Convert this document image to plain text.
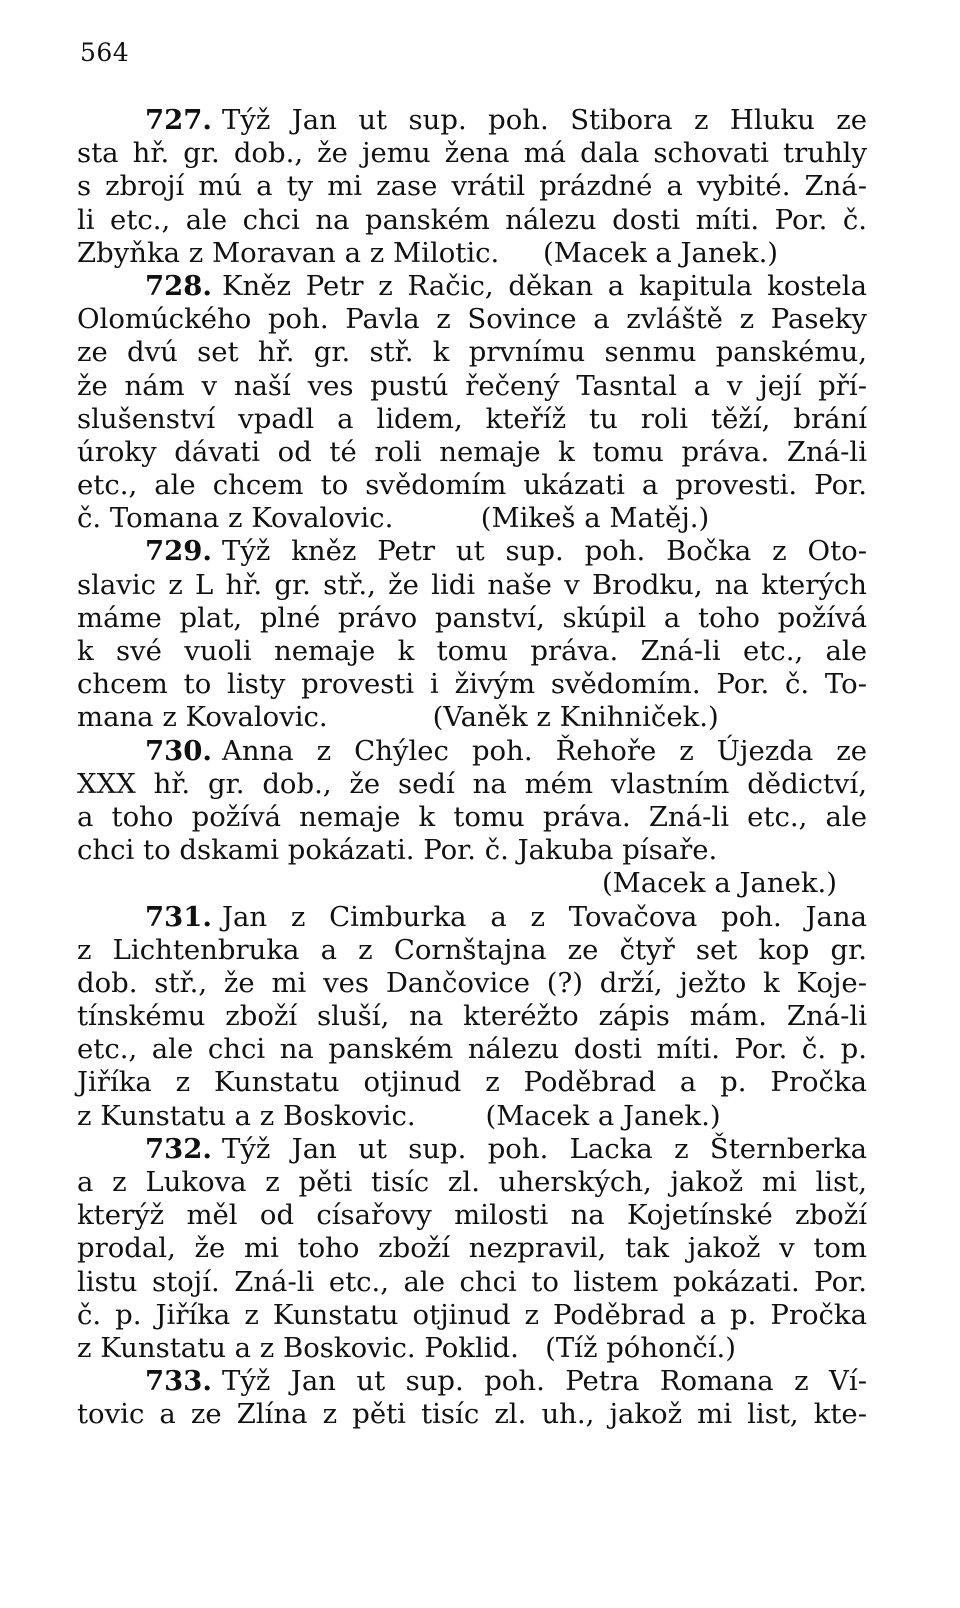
564
727. Týž Jan ut sup. poh. Stibora z Hluku ze
sta hř. gr. dob., že jemu žena má dala schovati truhly
s zbrojí mú a ty mi zase vrátil prázdné a vybité. Zná-
li etc., ale chci na panském nálezu dosti míti. Por. č.
Zbyňka z Moravan a z Milotic.     (Macek a Janek.)
728. Kněz Petr z Račic, děkan a kapitula kostela
Olomúckého poh. Pavla z Sovince a zvláště z Paseky
ze dvú set hř. gr. stř. k prvnímu senmu panskému,
že nám v naší ves pustú řečený Tasntal a v její pří-
slušenství vpadl a lidem, kteříž tu roli těží, brání
úroky dávati od té roli nemaje k tomu práva. Zná-li
etc., ale chcem to svědomím ukázati a provesti. Por.
č. Tomana z Kovalovic.          (Mikeš a Matěj.)
729. Týž kněz Petr ut sup. poh. Bočka z Oto-
slavic z L hř. gr. stř., že lidi naše v Brodku, na kterých
máme plat, plné právo panství, skúpil a toho požívá
k své vuoli nemaje k tomu práva. Zná-li etc., ale
chcem to listy provesti i živým svědomím. Por. č. To-
mana z Kovalovic.            (Vaněk z Knihniček.)
730. Anna z Chýlec poh. Řehoře z Újezda ze
XXX hř. gr. dob., že sedí na mém vlastním dědictví,
a toho požívá nemaje k tomu práva. Zná-li etc., ale
chci to dskami pokázati. Por. č. Jakuba písaře.
(Macek a Janek.)
731. Jan z Cimburka a z Tovačova poh. Jana
z Lichtenbruka a z Cornštajna ze čtyř set kop gr.
dob. stř., že mi ves Dančovice (?) drží, ježto k Koje-
tínskému zboží sluší, na kteréžto zápis mám. Zná-li
etc., ale chci na panském nálezu dosti míti. Por. č. p.
Jiříka z Kunstatu otjinud z Poděbrad a p. Pročka
z Kunstatu a z Boskovic.        (Macek a Janek.)
732. Týž Jan ut sup. poh. Lacka z Šternberka
a z Lukova z pěti tisíc zl. uherských, jakož mi list,
kterýž měl od císařovy milosti na Kojetínské zboží
prodal, že mi toho zboží nezpravil, tak jakož v tom
listu stojí. Zná-li etc., ale chci to listem pokázati. Por.
č. p. Jiříka z Kunstatu otjinud z Poděbrad a p. Pročka
z Kunstatu a z Boskovic. Poklid.   (Tíž póhončí.)
733. Týž Jan ut sup. poh. Petra Romana z Ví-
tovic a ze Zlína z pěti tisíc zl. uh., jakož mi list, kte-
